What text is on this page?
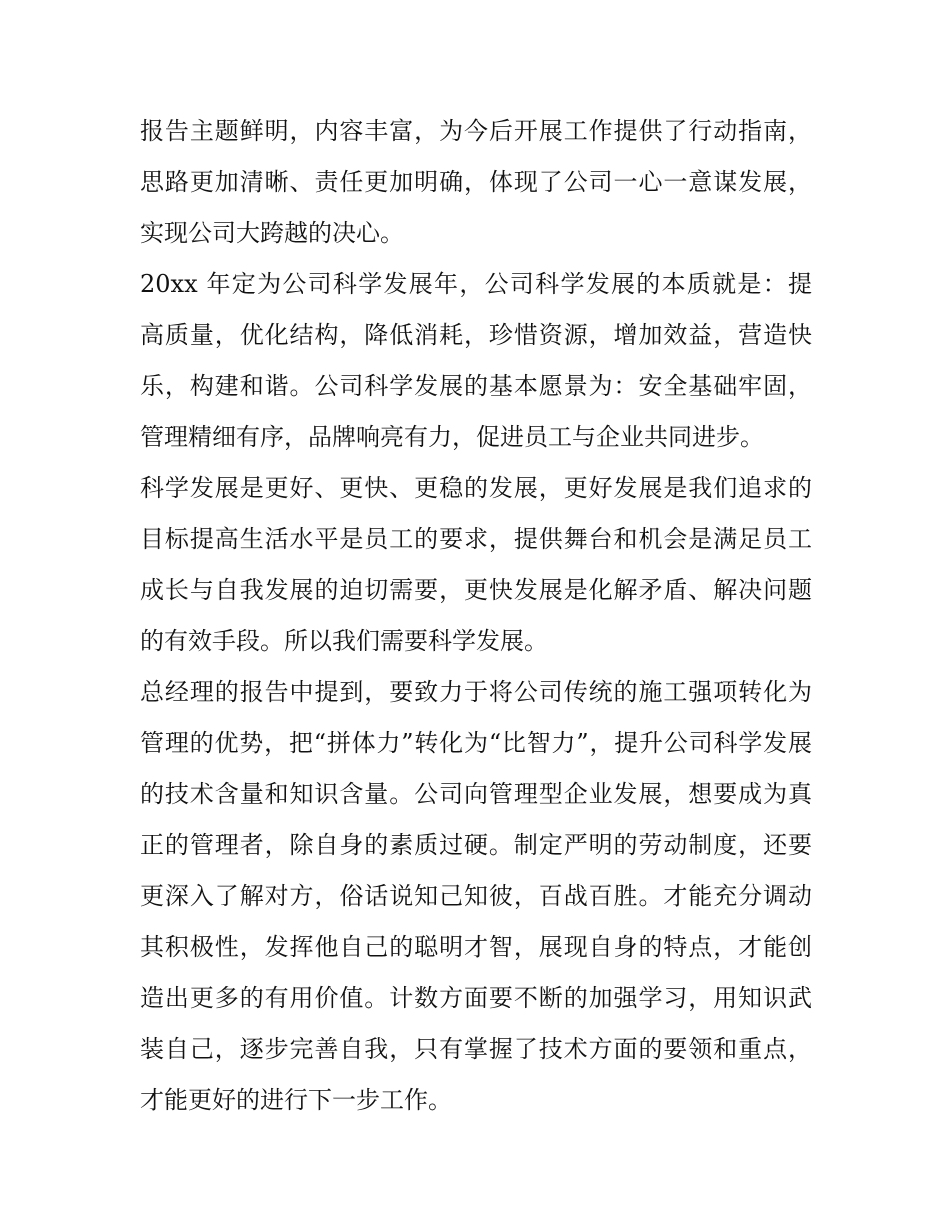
报告主题鲜明，内容丰富，为今后开展工作提供了行动指南，
思路更加清晰、责任更加明确，体现了公司一心一意谋发展，
实现公司大跨越的决心。
20xx 年定为公司科学发展年，公司科学发展的本质就是：提
高质量，优化结构，降低消耗，珍惜资源，增加效益，营造快
乐，构建和谐。公司科学发展的基本愿景为：安全基础牢固，
管理精细有序，品牌响亮有力，促进员工与企业共同进步。
科学发展是更好、更快、更稳的发展，更好发展是我们追求的
目标提高生活水平是员工的要求，提供舞台和机会是满足员工
成长与自我发展的迫切需要，更快发展是化解矛盾、解决问题
的有效手段。所以我们需要科学发展。
总经理的报告中提到，要致力于将公司传统的施工强项转化为
管理的优势，把“拼体力”转化为“比智力”，提升公司科学发展
的技术含量和知识含量。公司向管理型企业发展，想要成为真
正的管理者，除自身的素质过硬。制定严明的劳动制度，还要
更深入了解对方，俗话说知己知彼，百战百胜。才能充分调动
其积极性，发挥他自己的聪明才智，展现自身的特点，才能创
造出更多的有用价值。计数方面要不断的加强学习，用知识武
装自己，逐步完善自我，只有掌握了技术方面的要领和重点，
才能更好的进行下一步工作。
